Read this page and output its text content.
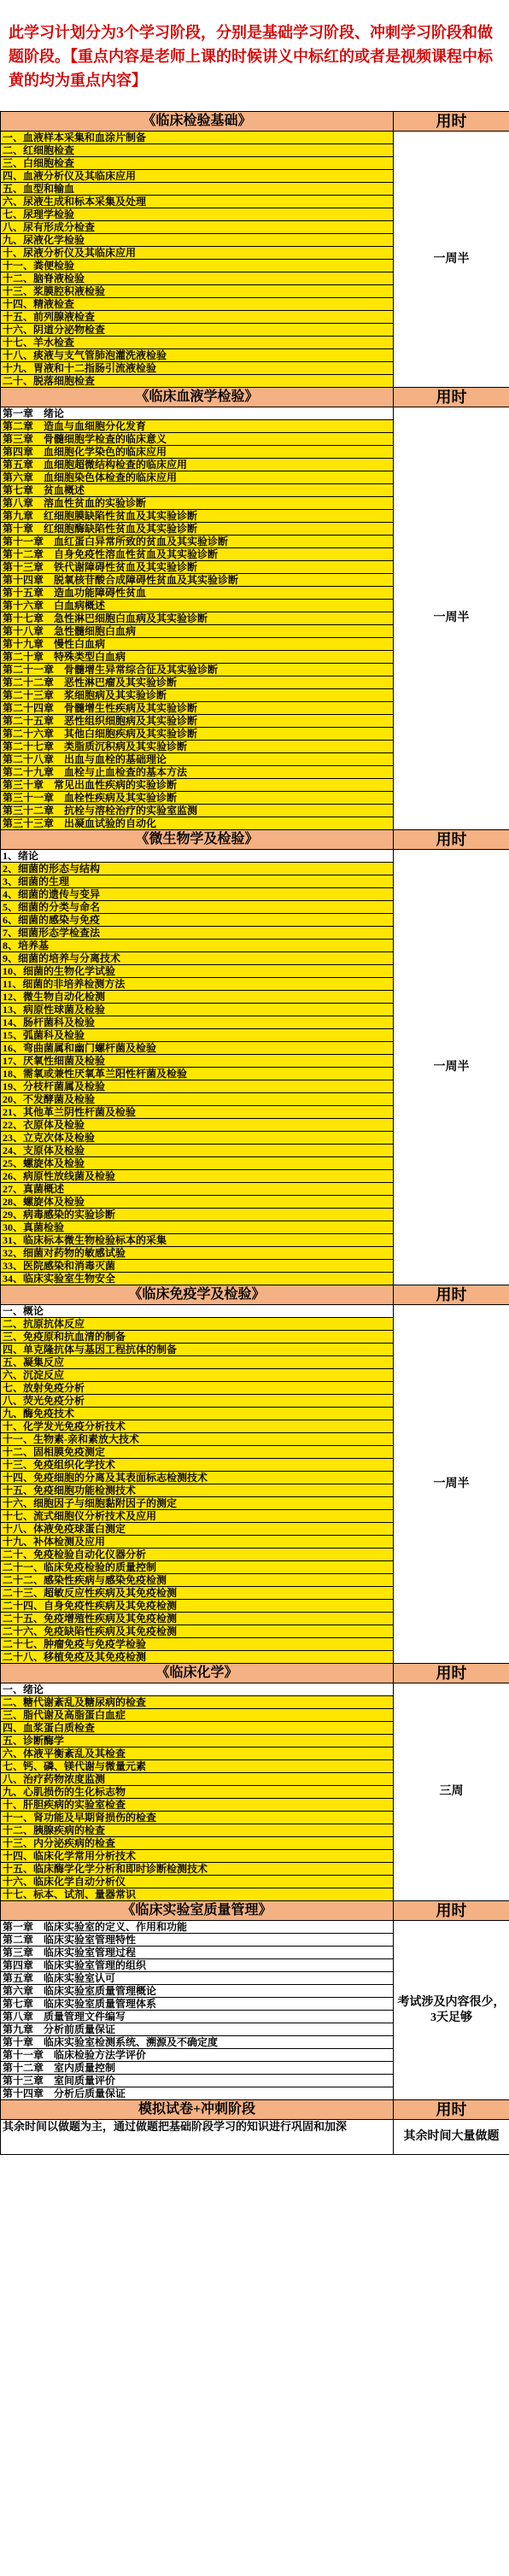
此学习计划分为3个学习阶段，分别是基础学习阶段、冲刺学习阶段和做题阶段。【重点内容是老师上课的时候讲义中标红的或者是视频课程中标黄的均为重点内容】
《临床检验基础》	用时
一、血液样本采集和血涂片制备	一周半
二、红细胞检查	
三、白细胞检查	
四、血液分析仪及其临床应用	
五、血型和输血	
六、尿液生成和标本采集及处理	
七、尿理学检验	
八、尿有形成分检查	
九、尿液化学检验	
十、尿液分析仪及其临床应用	
十一、粪便检验	
十二、脑脊液检验	
十三、浆膜腔积液检验	
十四、精液检查	
十五、前列腺液检查	
十六、阴道分泌物检查	
十七、羊水检查	
十八、痰液与支气管肺泡灌洗液检验	
十九、胃液和十二指肠引流液检验	
二十、脱落细胞检查	
《临床血液学检验》	用时
第一章　绪论	一周半
第二章　造血与血细胞分化发育	
第三章　骨髓细胞学检查的临床意义	
第四章　血细胞化学染色的临床应用	
第五章　血细胞超微结构检查的临床应用	
第六章　血细胞染色体检查的临床应用	
第七章　贫血概述	
第八章　溶血性贫血的实验诊断	
第九章　红细胞膜缺陷性贫血及其实验诊断	
第十章　红细胞酶缺陷性贫血及其实验诊断	
第十一章　血红蛋白异常所致的贫血及其实验诊断	
第十二章　自身免疫性溶血性贫血及其实验诊断	
第十三章　铁代谢障碍性贫血及其实验诊断	
第十四章　脱氧核苷酸合成障碍性贫血及其实验诊断	
第十五章　造血功能障碍性贫血	
第十六章　白血病概述	
第十七章　急性淋巴细胞白血病及其实验诊断	
第十八章　急性髓细胞白血病	
第十九章　慢性白血病	
第二十章　特殊类型白血病	
第二十一章　骨髓增生异常综合征及其实验诊断	
第二十二章　恶性淋巴瘤及其实验诊断	
第二十三章　浆细胞病及其实验诊断	
第二十四章　骨髓增生性疾病及其实验诊断	
第二十五章　恶性组织细胞病及其实验诊断	
第二十六章　其他白细胞疾病及其实验诊断	
第二十七章　类脂质沉积病及其实验诊断	
第二十八章　出血与血栓的基础理论	
第二十九章　血栓与止血检查的基本方法	
第三十章　常见出血性疾病的实验诊断	
第三十一章　血栓性疾病及其实验诊断	
第三十二章　抗栓与溶栓治疗的实验室监测	
第三十三章　出凝血试验的自动化	
《微生物学及检验》	用时
1、绪论	一周半
2、细菌的形态与结构	
3、细菌的生理	
4、细菌的遗传与变异	
5、细菌的分类与命名	
6、细菌的感染与免疫	
7、细菌形态学检查法	
8、培养基	
9、细菌的培养与分离技术	
10、细菌的生物化学试验	
11、细菌的非培养检测方法	
12、微生物自动化检测	
13、病原性球菌及检验	
14、肠杆菌科及检验	
15、弧菌科及检验	
16、弯曲菌属和幽门螺杆菌及检验	
17、厌氧性细菌及检验	
18、需氧或兼性厌氧革兰阳性杆菌及检验	
19、分枝杆菌属及检验	
20、不发酵菌及检验	
21、其他革兰阴性杆菌及检验	
22、衣原体及检验	
23、立克次体及检验	
24、支原体及检验	
25、螺旋体及检验	
26、病原性放线菌及检验	
27、真菌概述	
28、螺旋体及检验	
29、病毒感染的实验诊断	
30、真菌检验	
31、临床标本微生物检验标本的采集	
32、细菌对药物的敏感试验	
33、医院感染和消毒灭菌	
34、临床实验室生物安全	
《临床免疫学及检验》	用时
一、概论	一周半
二、抗原抗体反应	
三、免疫原和抗血清的制备	
四、单克隆抗体与基因工程抗体的制备	
五、凝集反应	
六、沉淀反应	
七、放射免疫分析	
八、荧光免疫分析	
九、酶免疫技术	
十、化学发光免疫分析技术	
十一、生物素-亲和素放大技术	
十二、固相膜免疫测定	
十三、免疫组织化学技术	
十四、免疫细胞的分离及其表面标志检测技术	
十五、免疫细胞功能检测技术	
十六、细胞因子与细胞黏附因子的测定	
十七、流式细胞仪分析技术及应用	
十八、体液免疫球蛋白测定	
十九、补体检测及应用	
二十、免疫检验自动化仪器分析	
二十一、临床免疫检验的质量控制	
二十二、感染性疾病与感染免疫检测	
二十三、超敏反应性疾病及其免疫检测	
二十四、自身免疫性疾病及其免疫检测	
二十五、免疫增殖性疾病及其免疫检测	
二十六、免疫缺陷性疾病及其免疫检测	
二十七、肿瘤免疫与免疫学检验	
二十八、移植免疫及其免疫检测	
《临床化学》	用时
一、绪论	三周
二、糖代谢紊乱及糖尿病的检查	
三、脂代谢及高脂蛋白血症	
四、血浆蛋白质检查	
五、诊断酶学	
六、体液平衡紊乱及其检查	
七、钙、磷、镁代谢与微量元素	
八、治疗药物浓度监测	
九、心肌损伤的生化标志物	
十、肝胆疾病的实验室检查	
十一、肾功能及早期肾损伤的检查	
十二、胰腺疾病的检查	
十三、内分泌疾病的检查	
十四、临床化学常用分析技术	
十五、临床酶学化学分析和即时诊断检测技术	
十六、临床化学自动分析仪	
十七、标本、试剂、量器常识	
《临床实验室质量管理》	用时
第一章　临床实验室的定义、作用和功能	考试涉及内容很少，3天足够
第二章　临床实验室管理特性	
第三章　临床实验室管理过程	
第四章　临床实验室管理的组织	
第五章　临床实验室认可	
第六章　临床实验室质量管理概论	
第七章　临床实验室质量管理体系	
第八章　质量管理文件编写	
第九章　分析前质量保证	
第十章　临床实验室检测系统、溯源及不确定度	
第十一章　临床检验方法学评价	
第十二章　室内质量控制	
第十三章　室间质量评价	
第十四章　分析后质量保证	
模拟试卷+冲刺阶段	用时
其余时间以做题为主，通过做题把基础阶段学习的知识进行巩固和加深	其余时间大量做题
